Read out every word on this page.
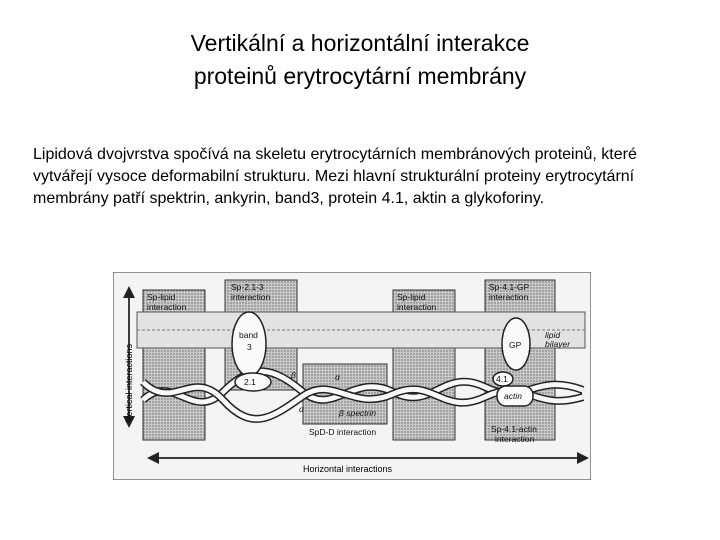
Vertikální a horizontální interakce
proteinů erytrocytární membrány
Lipidová dvojvrstva spočívá na skeletu erytrocytárních membránových proteinů, které vytvářejí vysoce deformabilní strukturu. Mezi hlavní strukturální proteiny erytrocytární membrány patří spektrin, ankyrin, band3, protein 4.1, aktin a glykoforiny.
Vertical interactions
Horizontal interactions
Sp-lipid
interaction
Sp-2.1-3
interaction	Sp-lipid
interaction
Sp-4.1-GP
interaction
band
3	GP
lipid
bilayer
2.1
β	α
α	β spectrin
4.1
actin
SpD-D interaction	Sp-4.1-actin
interaction
